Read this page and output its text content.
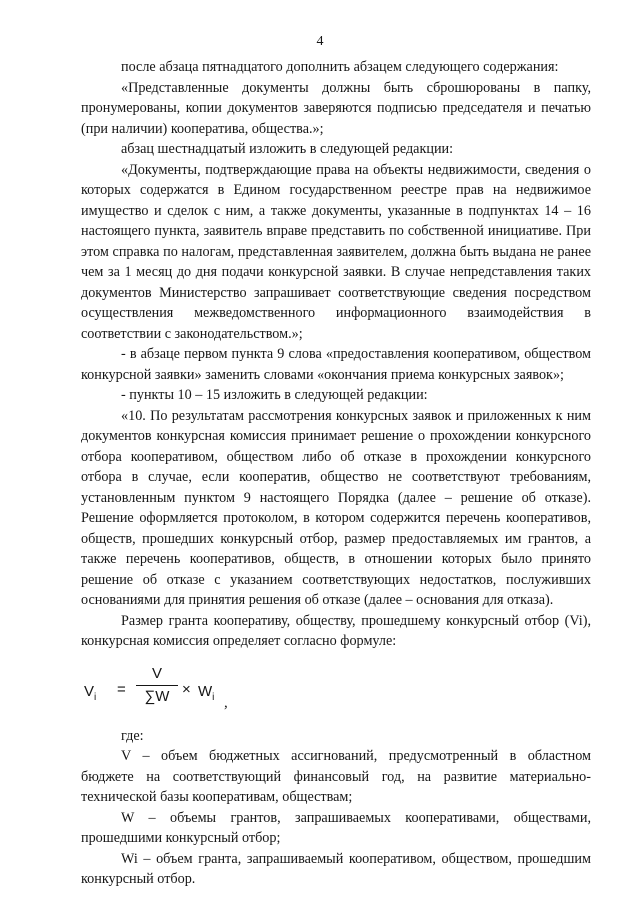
4

после абзаца пятнадцатого дополнить абзацем следующего содержания:

«Представленные документы должны быть сброшюрованы в папку, пронумерованы, копии документов заверяются подписью председателя и печатью (при наличии) кооператива, общества.»;

абзац шестнадцатый изложить в следующей редакции:

«Документы, подтверждающие права на объекты недвижимости, сведения о которых содержатся в Едином государственном реестре прав на недвижимое имущество и сделок с ним, а также документы, указанные в подпунктах 14 – 16 настоящего пункта, заявитель вправе представить по собственной инициативе. При этом справка по налогам, представленная заявителем, должна быть выдана не ранее чем за 1 месяц до дня подачи конкурсной заявки. В случае непредставления таких документов Министерство запрашивает соответствующие сведения посредством осуществления межведомственного информационного взаимодействия в соответствии с законодательством.»;

- в абзаце первом пункта 9 слова «предоставления кооперативом, обществом конкурсной заявки» заменить словами «окончания приема конкурсных заявок»;

- пункты 10 – 15 изложить в следующей редакции:

«10. По результатам рассмотрения конкурсных заявок и приложенных к ним документов конкурсная комиссия принимает решение о прохождении конкурсного отбора кооперативом, обществом либо об отказе в прохождении конкурсного отбора в случае, если кооператив, общество не соответствуют требованиям, установленным пунктом 9 настоящего Порядка (далее – решение об отказе). Решение оформляется протоколом, в котором содержится перечень кооперативов, обществ, прошедших конкурсный отбор, размер предоставляемых им грантов, а также перечень кооперативов, обществ, в отношении которых было принято решение об отказе с указанием соответствующих недостатков, послуживших основаниями для принятия решения об отказе (далее – основания для отказа).

Размер гранта кооперативу, обществу, прошедшему конкурсный отбор (Vi), конкурсная комиссия определяет согласно формуле:

$V_i = \frac{V}{\sum W} \times W_i$ ,

где:

V – объем бюджетных ассигнований, предусмотренный в областном бюджете на соответствующий финансовый год, на развитие материально-технической базы кооперативам, обществам;

W – объемы грантов, запрашиваемых кооперативами, обществами, прошедшими конкурсный отбор;

Wi – объем гранта, запрашиваемый кооперативом, обществом, прошедшим конкурсный отбор.
